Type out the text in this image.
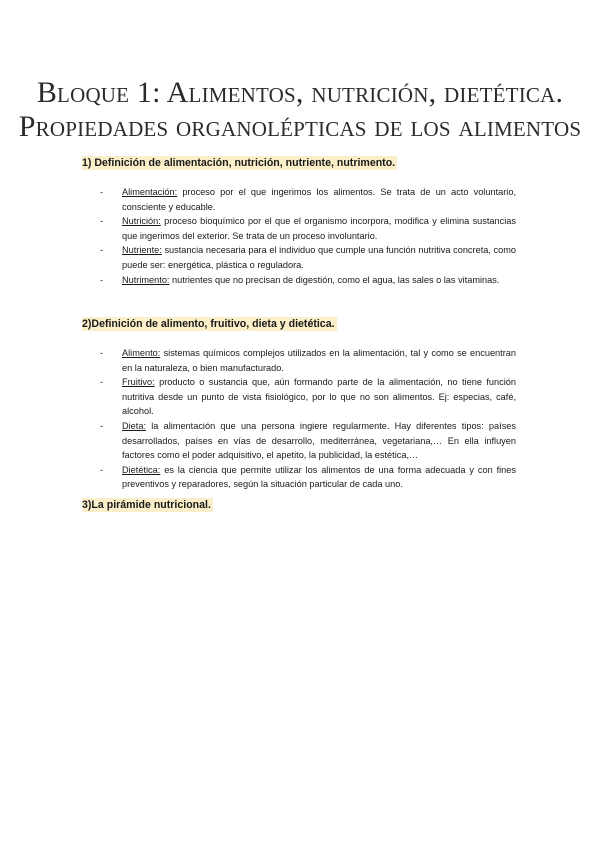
Bloque 1: Alimentos, nutrición, dietética.
Propiedades organolépticas de los alimentos
1) Definición de alimentación, nutrición, nutriente, nutrimento.
- Alimentación: proceso por el que ingerimos los alimentos. Se trata de un acto voluntario, consciente y educable.
- Nutrición: proceso bioquímico por el que el organismo incorpora, modifica y elimina sustancias que ingerimos del exterior. Se trata de un proceso involuntario.
- Nutriente: sustancia necesaria para el individuo que cumple una función nutritiva concreta, como puede ser: energética, plástica o reguladora.
- Nutrimento: nutrientes que no precisan de digestión, como el agua, las sales o las vitaminas.
2)Definición de alimento, fruitivo, dieta y dietética.
- Alimento: sistemas químicos complejos utilizados en la alimentación, tal y como se encuentran en la naturaleza, o bien manufacturado.
- Fruitivo: producto o sustancia que, aún formando parte de la alimentación, no tiene función nutritiva desde un punto de vista fisiológico, por lo que no son alimentos. Ej: especias, café, alcohol.
- Dieta: la alimentación que una persona ingiere regularmente. Hay diferentes tipos: países desarrollados, países en vías de desarrollo, mediterránea, vegetariana,… En ella influyen factores como el poder adquisitivo, el apetito, la publicidad, la estética,…
- Dietética: es la ciencia que permite utilizar los alimentos de una forma adecuada y con fines preventivos y reparadores, según la situación particular de cada uno.
3)La pirámide nutricional.
